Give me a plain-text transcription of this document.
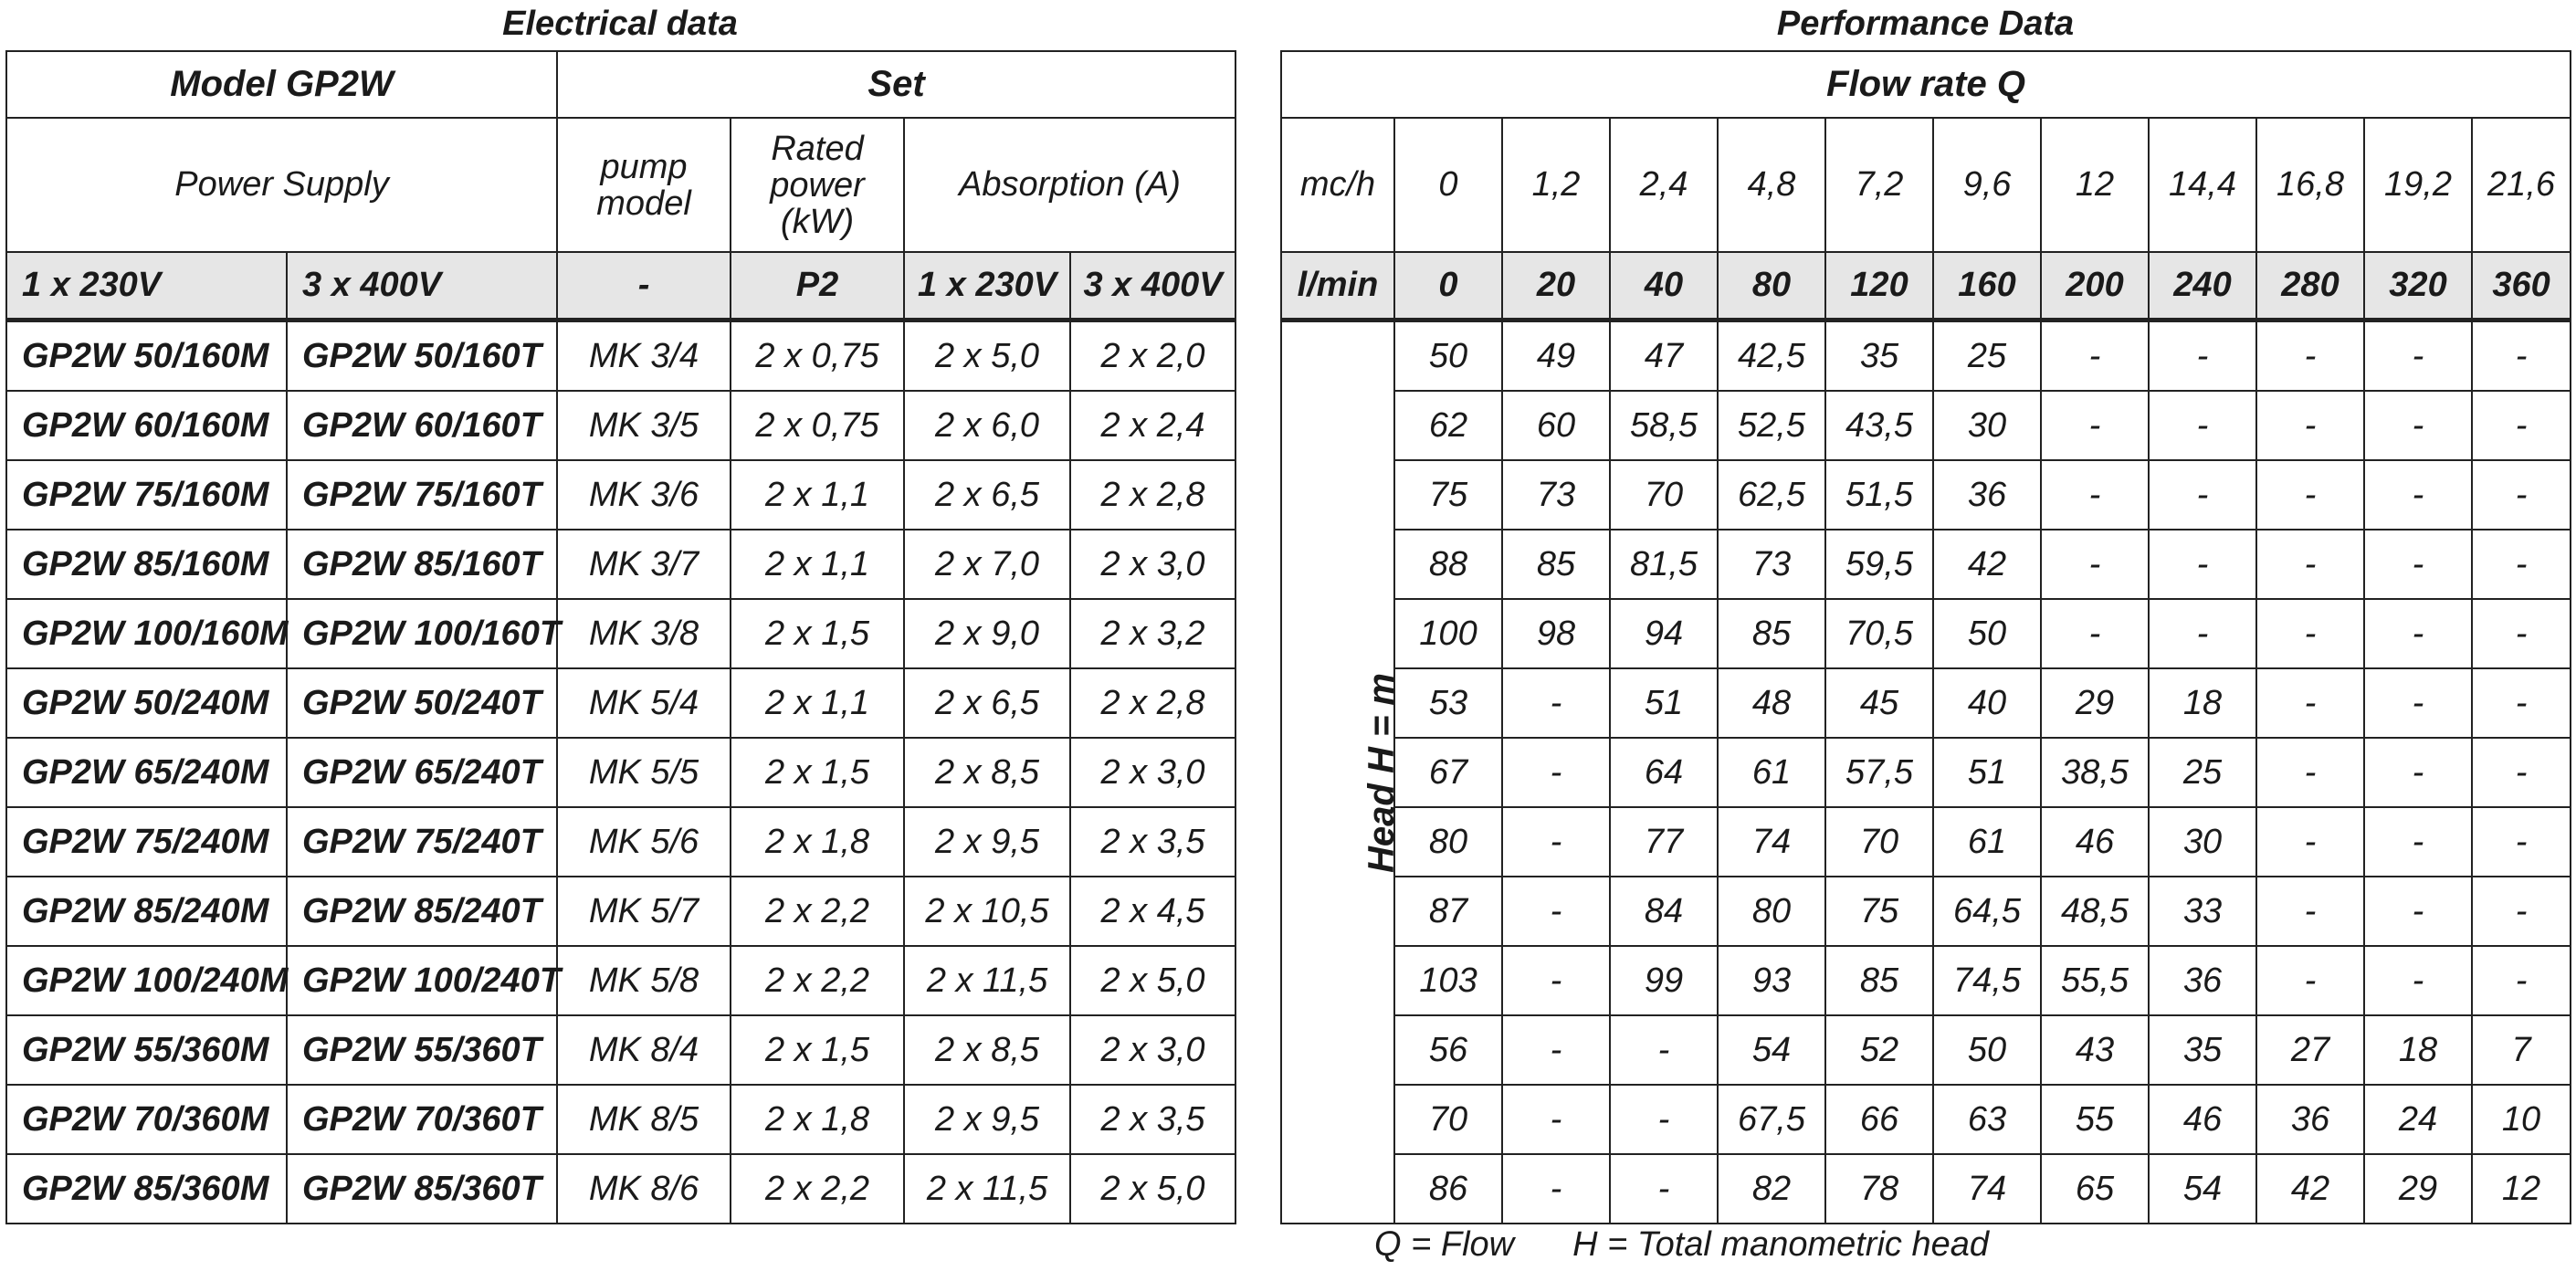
Electrical data	Performance Data
Model GP2W		Set			
Power Supply		pump model	Rated power (kW)	Absorption (A)	
1 x 230V	3 x 400V	-	P2	1 x 230V	3 x 400V
GP2W 50/160M	GP2W 50/160T	MK 3/4	2 x 0,75	2 x 5,0	2 x 2,0
GP2W 60/160M	GP2W 60/160T	MK 3/5	2 x 0,75	2 x 6,0	2 x 2,4
GP2W 75/160M	GP2W 75/160T	MK 3/6	2 x 1,1	2 x 6,5	2 x 2,8
GP2W 85/160M	GP2W 85/160T	MK 3/7	2 x 1,1	2 x 7,0	2 x 3,0
GP2W 100/160M	GP2W 100/160T	MK 3/8	2 x 1,5	2 x 9,0	2 x 3,2
GP2W 50/240M	GP2W 50/240T	MK 5/4	2 x 1,1	2 x 6,5	2 x 2,8
GP2W 65/240M	GP2W 65/240T	MK 5/5	2 x 1,5	2 x 8,5	2 x 3,0
GP2W 75/240M	GP2W 75/240T	MK 5/6	2 x 1,8	2 x 9,5	2 x 3,5
GP2W 85/240M	GP2W 85/240T	MK 5/7	2 x 2,2	2 x 10,5	2 x 4,5
GP2W 100/240M	GP2W 100/240T	MK 5/8	2 x 2,2	2 x 11,5	2 x 5,0
GP2W 55/360M	GP2W 55/360T	MK 8/4	2 x 1,5	2 x 8,5	2 x 3,0
GP2W 70/360M	GP2W 70/360T	MK 8/5	2 x 1,8	2 x 9,5	2 x 3,5
GP2W 85/360M	GP2W 85/360T	MK 8/6	2 x 2,2	2 x 11,5	2 x 5,0
Flow rate Q											
mc/h	0	1,2	2,4	4,8	7,2	9,6	12	14,4	16,8	19,2	21,6
l/min	0	20	40	80	120	160	200	240	280	320	360
Head H = m	50	49	47	42,5	35	25	-	-	-	-	-
	62	60	58,5	52,5	43,5	30	-	-	-	-	-
	75	73	70	62,5	51,5	36	-	-	-	-	-
	88	85	81,5	73	59,5	42	-	-	-	-	-
	100	98	94	85	70,5	50	-	-	-	-	-
	53	-	51	48	45	40	29	18	-	-	-
	67	-	64	61	57,5	51	38,5	25	-	-	-
	80	-	77	74	70	61	46	30	-	-	-
	87	-	84	80	75	64,5	48,5	33	-	-	-
	103	-	99	93	85	74,5	55,5	36	-	-	-
	56	-	-	54	52	50	43	35	27	18	7
	70	-	-	67,5	66	63	55	46	36	24	10
	86	-	-	82	78	74	65	54	42	29	12
Q = Flow H = Total manometric head
